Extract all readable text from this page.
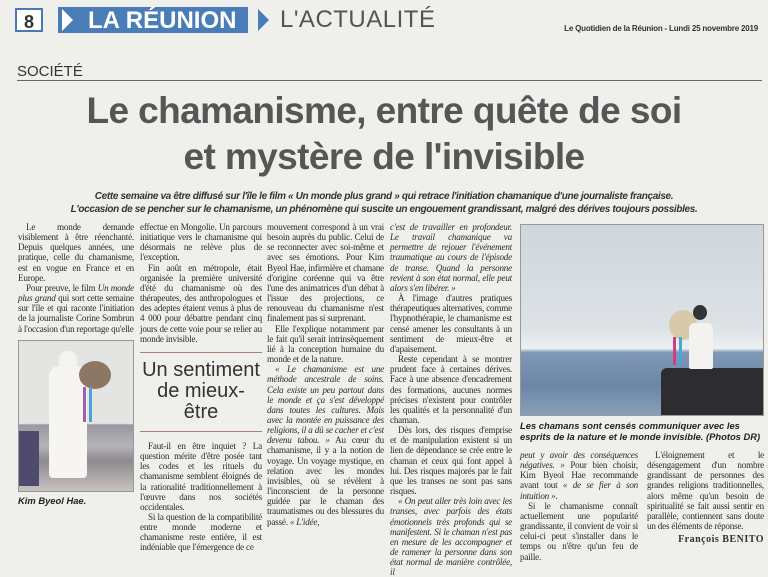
8	LA RÉUNION	L'ACTUALITÉ	Le Quotidien de la Réunion - Lundi 25 novembre 2019
SOCIÉTÉ
Le chamanisme, entre quête de soi
et mystère de l'invisible
Cette semaine va être diffusé sur l'île le film « Un monde plus grand » qui retrace l'initiation chamanique d'une journaliste française.
L'occasion de se pencher sur le chamanisme, un phénomène qui suscite un engouement grandissant, malgré des dérives toujours possibles.

Le monde demande visiblement à être réenchanté. Depuis quelques années, une pratique, celle du chamanisme, est en vogue en France et en Europe.

Pour preuve, le film Un monde plus grand qui sort cette semaine sur l'île et qui raconte l'initiation de la journaliste Corine Sombrun à l'occasion d'un reportage qu'elle

Kim Byeol Hae.

effectue en Mongolie. Un parcours initiatique vers le chamanisme qui désormais ne relève plus de l'exception.

Fin août en métropole, était organisée la première université d'été du chamanisme où des thérapeutes, des anthropologues et des adeptes étaient venus à plus de 4 000 pour débattre pendant cinq jours de cette voie pour se relier au monde invisible.

Un sentiment de mieux-être

Faut-il en être inquiet ? La question mérite d'être posée tant les codes et les rituels du chamanisme semblent éloignés de la rationalité traditionnellement à l'œuvre dans nos sociétés occidentales.

Si la question de la compatibilité entre monde moderne et chamanisme reste entière, il est indéniable que l'émergence de ce

mouvement correspond à un vrai besoin auprès du public. Celui de se reconnecter avec soi-même et avec ses émotions. Pour Kim Byeol Hae, infirmière et chamane d'origine coréenne qui va être l'une des animatrices d'un débat à l'issue des projections, ce renouveau du chamanisme n'est finalement pas si surprenant.

Elle l'explique notamment par le fait qu'il serait intrinsèquement lié à la conception humaine du monde et de la nature.

« Le chamanisme est une méthode ancestrale de soins. Cela existe un peu partout dans le monde et ça s'est développé dans toutes les cultures. Mais avec la montée en puissance des religions, il a dû se cacher et c'est devenu tabou. » Au cœur du chamanisme, il y a la notion de voyage. Un voyage mystique, en relation avec les mondes invisibles, où se révèlent à l'inconscient de la personne guidée par le chaman des traumatismes ou des blessures du passé. « L'idée,

c'est de travailler en profondeur. Le travail chamanique va permettre de rejouer l'événement traumatique au cours de l'épisode de transe. Quand la personne revient à son état normal, elle peut alors s'en libérer. »

À l'image d'autres pratiques thérapeutiques alternatives, comme l'hypnothérapie, le chamanisme est censé amener les consultants à un sentiment de mieux-être et d'apaisement.

Reste cependant à se montrer prudent face à certaines dérives. Face à une absence d'encadrement des formations, aucunes normes précises n'existent pour contrôler les qualités et la personnalité d'un chaman.

Dès lors, des risques d'emprise et de manipulation existent si un lien de dépendance se crée entre le chaman et ceux qui font appel à lui. Des risques majorés par le fait que les transes ne sont pas sans risques.

« On peut aller très loin avec les transes, avec parfois des états émotionnels très profonds qui se manifestent. Si le chaman n'est pas en mesure de les accompagner et de ramener la personne dans son état normal de manière contrôlée, il

Les chamans sont censés communiquer avec les esprits de la nature et le monde invisible. (Photos DR)

peut y avoir des conséquences négatives. » Pour bien choisir, Kim Byeol Hae recommande avant tout « de se fier à son intuition ».

Si le chamanisme connaît actuellement une popularité grandissante, il convient de voir si celui-ci peut s'installer dans le temps ou n'être qu'un feu de paille.

L'éloignement et le désengagement d'un nombre grandissant de personnes des grandes religions traditionnelles, alors même qu'un besoin de spiritualité se fait aussi sentir en parallèle, contiennent sans doute un des éléments de réponse.

François BENITO
